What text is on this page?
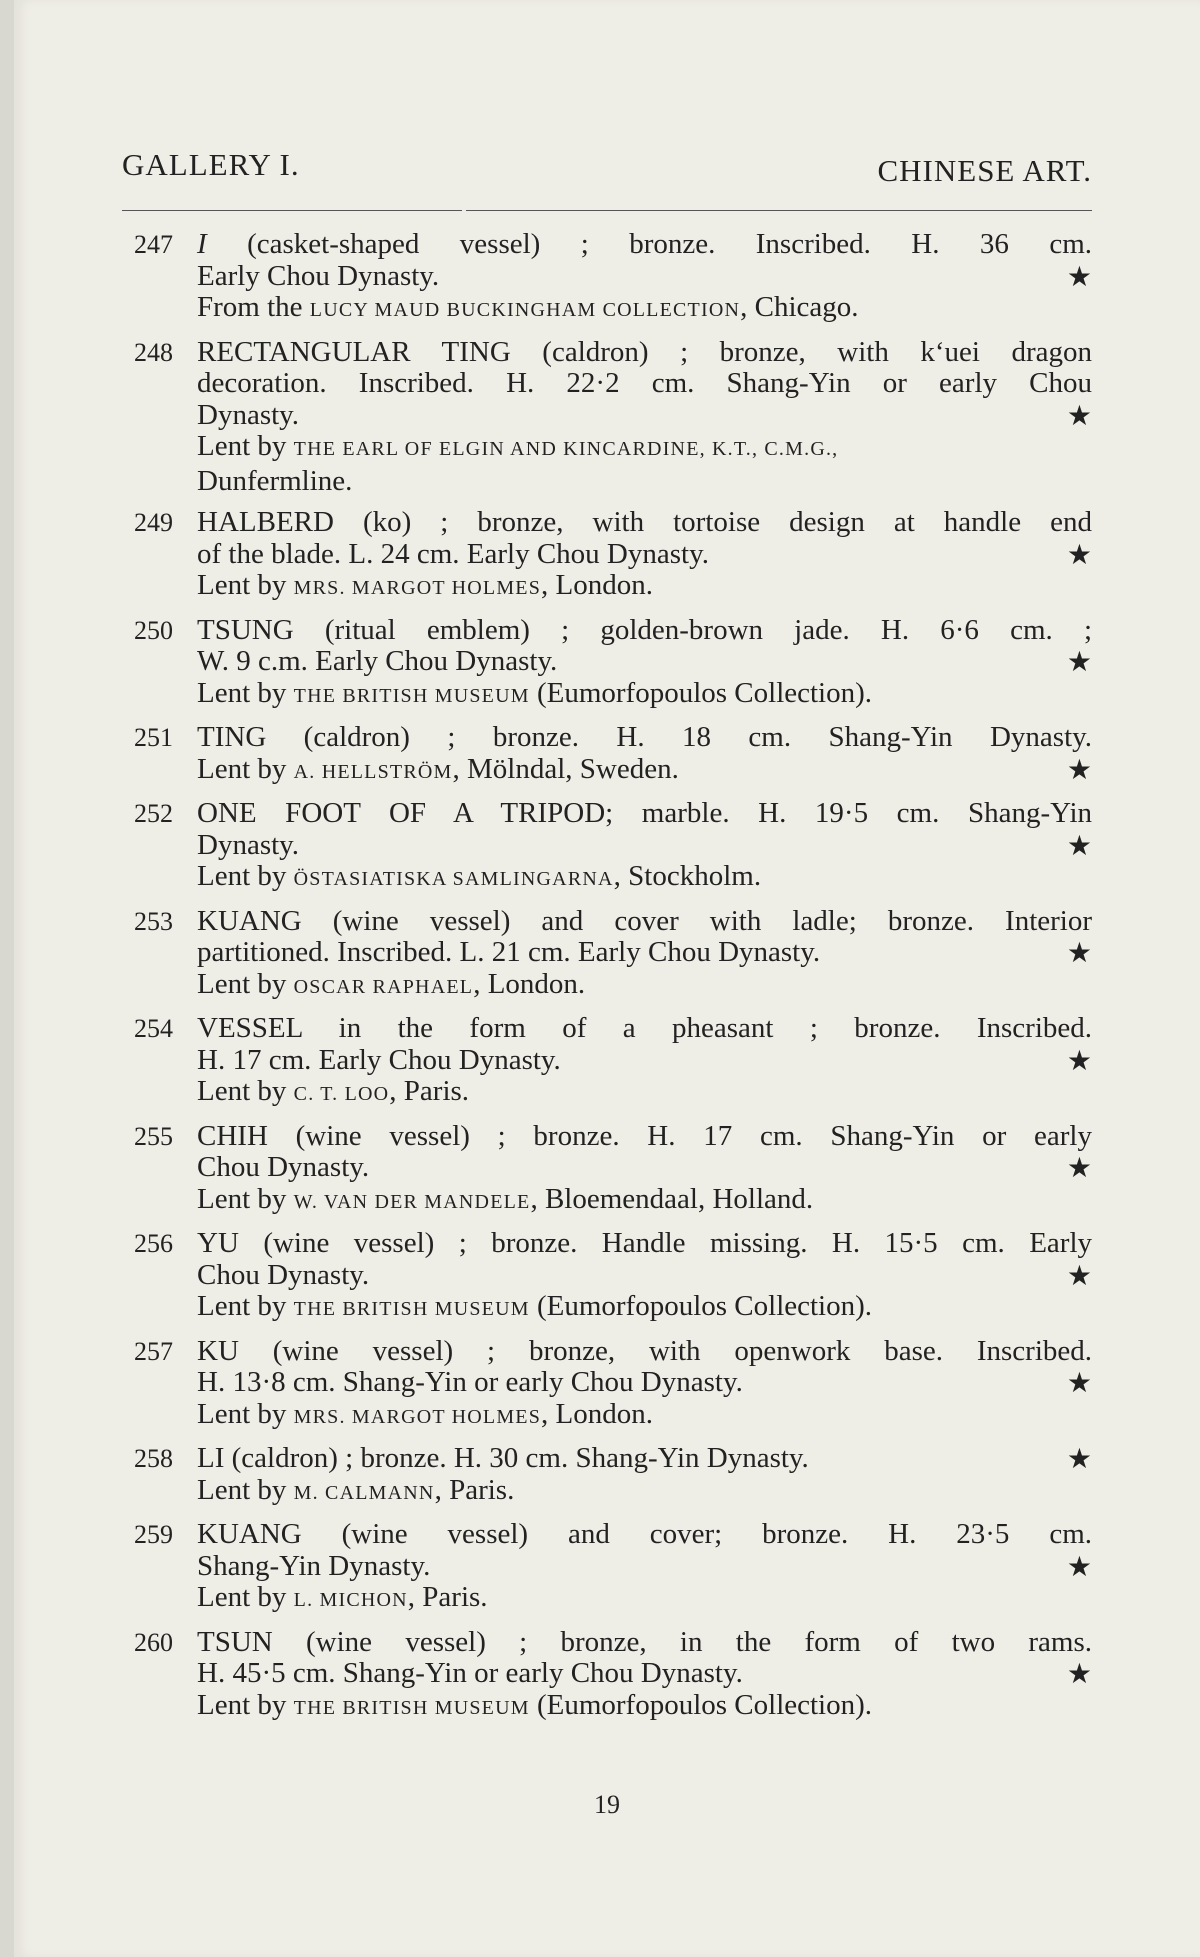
GALLERY I.	CHINESE ART.
247 I (casket-shaped vessel) ; bronze. Inscribed. H. 36 cm.
Early Chou Dynasty.	★
From the LUCY MAUD BUCKINGHAM COLLECTION, Chicago.
248 RECTANGULAR TING (caldron) ; bronze, with k‘uei dragon
decoration. Inscribed. H. 22·2 cm. Shang-Yin or early Chou
Dynasty.	★
Lent by THE EARL OF ELGIN AND KINCARDINE, K.T., C.M.G.,
Dunfermline.
249 HALBERD (ko) ; bronze, with tortoise design at handle end
of the blade. L. 24 cm. Early Chou Dynasty.	★
Lent by MRS. MARGOT HOLMES, London.
250 TSUNG (ritual emblem) ; golden-brown jade. H. 6·6 cm. ;
W. 9 c.m. Early Chou Dynasty.	★
Lent by THE BRITISH MUSEUM (Eumorfopoulos Collection).
251 TING (caldron) ; bronze. H. 18 cm. Shang-Yin Dynasty.
Lent by A. HELLSTRÖM, Mölndal, Sweden.	★
252 ONE FOOT OF A TRIPOD; marble. H. 19·5 cm. Shang-Yin
Dynasty.	★
Lent by ÖSTASIATISKA SAMLINGARNA, Stockholm.
253 KUANG (wine vessel) and cover with ladle; bronze. Interior
partitioned. Inscribed. L. 21 cm. Early Chou Dynasty.	★
Lent by OSCAR RAPHAEL, London.
254 VESSEL in the form of a pheasant ; bronze. Inscribed.
H. 17 cm. Early Chou Dynasty.	★
Lent by C. T. LOO, Paris.
255 CHIH (wine vessel) ; bronze. H. 17 cm. Shang-Yin or early
Chou Dynasty.	★
Lent by W. VAN DER MANDELE, Bloemendaal, Holland.
256 YU (wine vessel) ; bronze. Handle missing. H. 15·5 cm. Early
Chou Dynasty.	★
Lent by THE BRITISH MUSEUM (Eumorfopoulos Collection).
257 KU (wine vessel) ; bronze, with openwork base. Inscribed.
H. 13·8 cm. Shang-Yin or early Chou Dynasty.	★
Lent by MRS. MARGOT HOLMES, London.
258 LI (caldron) ; bronze. H. 30 cm. Shang-Yin Dynasty.	★
Lent by M. CALMANN, Paris.
259 KUANG (wine vessel) and cover; bronze. H. 23·5 cm.
Shang-Yin Dynasty.	★
Lent by L. MICHON, Paris.
260 TSUN (wine vessel) ; bronze, in the form of two rams.
H. 45·5 cm. Shang-Yin or early Chou Dynasty.	★
Lent by THE BRITISH MUSEUM (Eumorfopoulos Collection).
19
